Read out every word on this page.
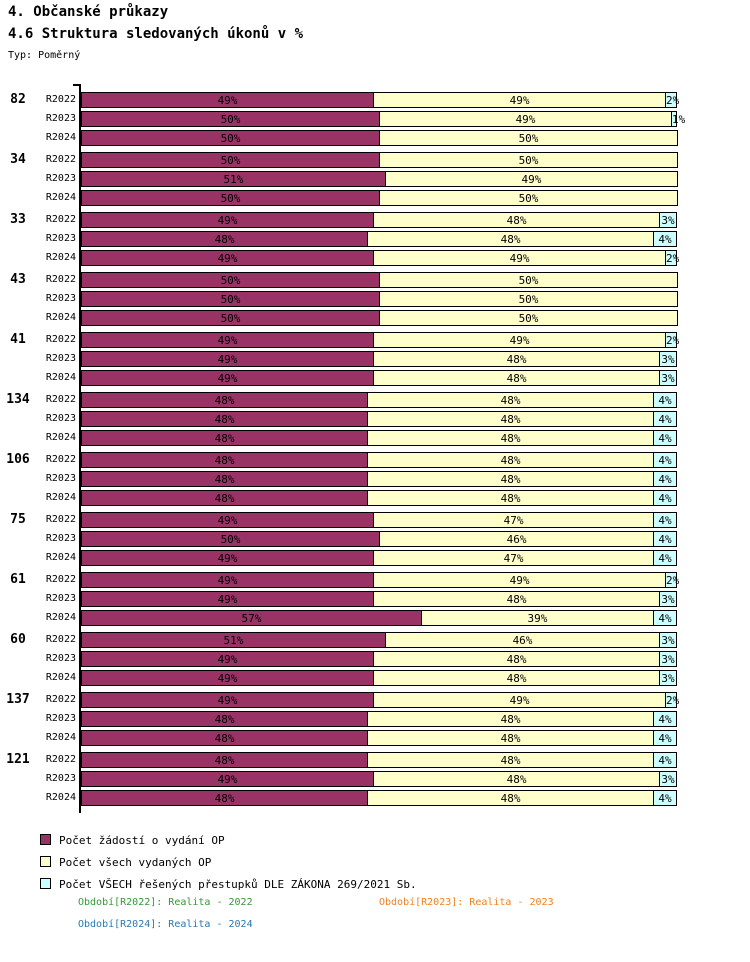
4. Občanské průkazy
4.6 Struktura sledovaných úkonů v %
Typ: Poměrný
82	R2022	49%	49%	2%
R2023	50%	49%	1%
R2024	50%	50%
34	R2022	50%	50%
R2023	51%	49%
R2024	50%	50%
33	R2022	49%	48%	3%
R2023	48%	48%	4%
R2024	49%	49%	2%
43	R2022	50%	50%
R2023	50%	50%
R2024	50%	50%
41	R2022	49%	49%	2%
R2023	49%	48%	3%
R2024	49%	48%	3%
134	R2022	48%	48%	4%
R2023	48%	48%	4%
R2024	48%	48%	4%
106	R2022	48%	48%	4%
R2023	48%	48%	4%
R2024	48%	48%	4%
75	R2022	49%	47%	4%
R2023	50%	46%	4%
R2024	49%	47%	4%
61	R2022	49%	49%	2%
R2023	49%	48%	3%
R2024	57%	39%	4%
60	R2022	51%	46%	3%
R2023	49%	48%	3%
R2024	49%	48%	3%
137	R2022	49%	49%	2%
R2023	48%	48%	4%
R2024	48%	48%	4%
121	R2022	48%	48%	4%
R2023	49%	48%	3%
R2024	48%	48%	4%
Počet žádostí o vydání OP
Počet všech vydaných OP
Počet VŠECH řešených přestupků DLE ZÁKONA 269/2021 Sb.
Období[R2022]: Realita - 2022	Období[R2023]: Realita - 2023
Období[R2024]: Realita - 2024
